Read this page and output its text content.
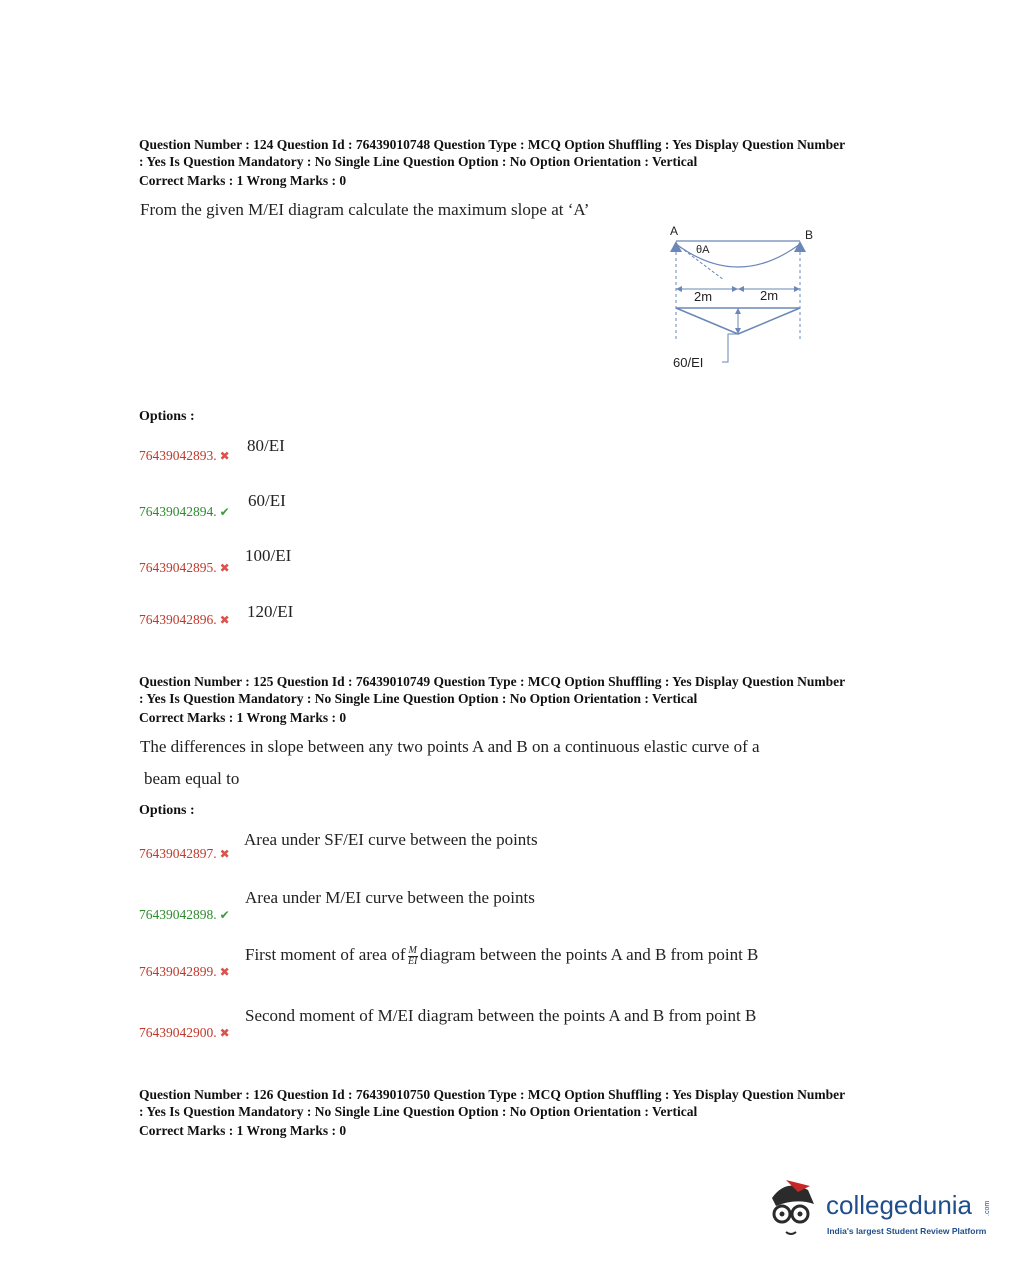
Question Number : 124 Question Id : 76439010748 Question Type : MCQ Option Shuffling : Yes Display Question Number
: Yes Is Question Mandatory : No Single Line Question Option : No Option Orientation : Vertical
Correct Marks : 1 Wrong Marks : 0
From the given M/EI diagram calculate the maximum slope at ‘A’
A	B
θA
2m	2m
60/EI
Options :
76439042893. ✖
80/EI
76439042894. ✔
60/EI
76439042895. ✖
100/EI
76439042896. ✖ 120/EI
Question Number : 125 Question Id : 76439010749 Question Type : MCQ Option Shuffling : Yes Display Question Number
: Yes Is Question Mandatory : No Single Line Question Option : No Option Orientation : Vertical
Correct Marks : 1 Wrong Marks : 0
The differences in slope between any two points A and B on a continuous elastic curve of a
beam equal to
Options :
76439042897. ✖
Area under SF/EI curve between the points
76439042898. ✔
Area under M/EI curve between the points
76439042899. ✖
First moment of area of $\frac{M}{EI}$ diagram between the points A and B from point B
76439042900. ✖
Second moment of M/EI diagram between the points A and B from point B
Question Number : 126 Question Id : 76439010750 Question Type : MCQ Option Shuffling : Yes Display Question Number
: Yes Is Question Mandatory : No Single Line Question Option : No Option Orientation : Vertical
Correct Marks : 1 Wrong Marks : 0
collegedunia .com
India's largest Student Review Platform
